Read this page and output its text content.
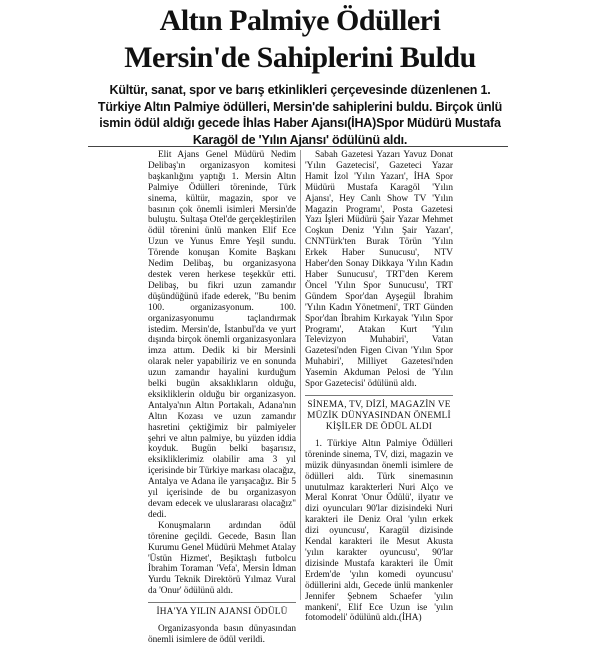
Altın Palmiye Ödülleri
Mersin'de Sahiplerini Buldu
Kültür, sanat, spor ve barış etkinlikleri çerçevesinde düzenlenen 1. Türkiye Altın Palmiye ödülleri, Mersin'de sahiplerini buldu. Birçok ünlü ismin ödül aldığı gecede İhlas Haber Ajansı(İHA)Spor Müdürü Mustafa Karagöl de 'Yılın Ajansı' ödülünü aldı.

Elit Ajans Genel Müdürü Nedim Delibaş'ın organizasyon komitesi başkanlığını yaptığı 1. Mersin Altın Palmiye Ödülleri töreninde, Türk sinema, kültür, magazin, spor ve basının çok önemli isimleri Mersin'de buluştu. Sultaşa Otel'de gerçekleştirilen ödül törenini ünlü manken Elif Ece Uzun ve Yunus Emre Yeşil sundu. Törende konuşan Komite Başkanı Nedim Delibaş, bu organizasyona destek veren herkese teşekkür etti. Delibaş, bu fikri uzun zamandır düşündüğünü ifade ederek, "Bu benim 100. organizasyonum. 100. organizasyonumu taçlandırmak istedim. Mersin'de, İstanbul'da ve yurt dışında birçok önemli organizasyonlara imza attım. Dedik ki bir Mersinli olarak neler yapabiliriz ve en sonunda uzun zamandır hayalini kurduğum belki bugün aksaklıkların olduğu, eksikliklerin olduğu bir organizasyon. Antalya'nın Altın Portakalı, Adana'nın Altın Kozası ve uzun zamandır hasretini çektiğimiz bir palmiyeler şehri ve altın palmiye, bu yüzden iddia koyduk. Bugün belki başarısız, eksikliklerimiz olabilir ama 3 yıl içerisinde bir Türkiye markası olacağız, Antalya ve Adana ile yarışacağız. Bir 5 yıl içerisinde de bu organizasyon devam edecek ve uluslararası olacağız" dedi.

Konuşmaların ardından ödül törenine geçildi. Gecede, Basın İlan Kurumu Genel Müdürü Mehmet Atalay 'Üstün Hizmet', Beşiktaşlı futbolcu İbrahim Toraman 'Vefa', Mersin İdman Yurdu Teknik Direktörü Yılmaz Vural da 'Onur' ödülünü aldı.

İHA'YA YILIN AJANSI ÖDÜLÜ

Organizasyonda basın dünyasından önemli isimlere de ödül verildi.

Sabah Gazetesi Yazarı Yavuz Donat 'Yılın Gazetecisi', Gazeteci Yazar Hamit İzol 'Yılın Yazarı', İHA Spor Müdürü Mustafa Karagöl 'Yılın Ajansı', Hey Canlı Show TV 'Yılın Magazin Programı', Posta Gazetesi Yazı İşleri Müdürü Şair Yazar Mehmet Coşkun Deniz 'Yılın Şair Yazarı', CNNTürk'ten Burak Törün 'Yılın Erkek Haber Sunucusu', NTV Haber'den Sonay Dikkaya 'Yılın Kadın Haber Sunucusu', TRT'den Kerem Öncel 'Yılın Spor Sunucusu', TRT Gündem Spor'dan Ayşegül İbrahim 'Yılın Kadın Yönetmeni', TRT Günden Spor'dan İbrahim Kırkayak 'Yılın Spor Programı', Atakan Kurt 'Yılın Televizyon Muhabiri', Vatan Gazetesi'nden Figen Civan 'Yılın Spor Muhabiri', Milliyet Gazetesi'nden Yasemin Akduman Pelosi de 'Yılın Spor Gazetecisi' ödülünü aldı.

SİNEMA, TV, DİZİ, MAGAZİN VE MÜZİK DÜNYASINDAN ÖNEMLİ KİŞİLER DE ÖDÜL ALDI

1. Türkiye Altın Palmiye Ödülleri töreninde sinema, TV, dizi, magazin ve müzik dünyasından önemli isimlere de ödülleri aldı. Türk sinemasının unutulmaz karakterleri Nuri Alço ve Meral Konrat 'Onur Ödülü', ilyatır ve dizi oyuncuları 90'lar dizisindeki Nuri karakteri ile Deniz Oral 'yılın erkek dizi oyuncusu', Karagül dizisinde Kendal karakteri ile Mesut Akusta 'yılın karakter oyuncusu', 90'lar dizisinde Mustafa karakteri ile Ümit Erdem'de 'yılın komedi oyuncusu' ödüllerini aldı, Gecede ünlü mankenler Jennifer Şebnem Schaefer 'yılın mankeni', Elif Ece Uzun ise 'yılın fotomodeli' ödülünü aldı.(İHA)
